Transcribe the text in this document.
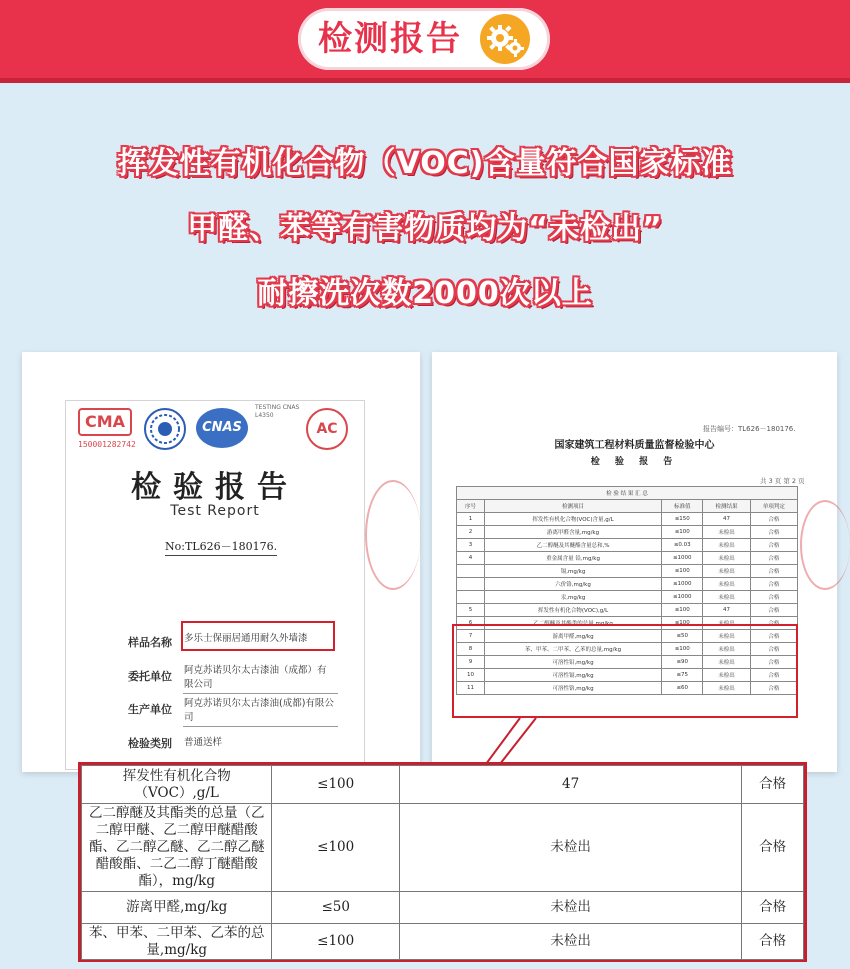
检测报告
挥发性有机化合物（VOC)含量符合国家标准
甲醛、苯等有害物质均为“未检出”
耐擦洗次数2000次以上
CMA	CNAS	AC
150001282742
TESTING CNAS L4350
检验报告
Test Report
No:TL626－180176.
样品名称 多乐士保丽居通用耐久外墙漆
委托单位 阿克苏诺贝尔太古漆油（成都）有限公司
生产单位 阿克苏诺贝尔太古漆油(成都)有限公司
检验类别 普通送样
报告编号：TL626－180176.
国家建筑工程材料质量监督检验中心
检 验 报 告
共 3 页 第 2 页
检 验 结 果 汇 总				
序号	检测项目	标准值	检测结果	单项判定
1	挥发性有机化合物(VOC)含量,g/L	≤150	47	合格
2	游离甲醛含量,mg/kg	≤100	未检出	合格
3	乙二醇醚及其醚酯含量总和,%	≤0.03	未检出	合格
4	重金属含量 铅,mg/kg	≤1000	未检出	合格
	镉,mg/kg	≤100	未检出	合格
	六价铬,mg/kg	≤1000	未检出	合格
	汞,mg/kg	≤1000	未检出	合格
5	挥发性有机化合物(VOC),g/L	≤100	47	合格
6	乙二醇醚及其酯类的总量,mg/kg	≤100	未检出	合格
7	游离甲醛,mg/kg	≤50	未检出	合格
8	苯、甲苯、二甲苯、乙苯的总量,mg/kg	≤100	未检出	合格
9	可溶性铅,mg/kg	≤90	未检出	合格
10	可溶性镉,mg/kg	≤75	未检出	合格
11	可溶性铬,mg/kg	≤60	未检出	合格
挥发性有机化合物（VOC）,g/L	≤100	47	合格
乙二醇醚及其酯类的总量（乙二醇甲醚、乙二醇甲醚醋酸酯、乙二醇乙醚、乙二醇乙醚醋酸酯、二乙二醇丁醚醋酸酯），mg/kg	≤100	未检出	合格
游离甲醛,mg/kg	≤50	未检出	合格
苯、甲苯、二甲苯、乙苯的总量,mg/kg	≤100	未检出	合格
